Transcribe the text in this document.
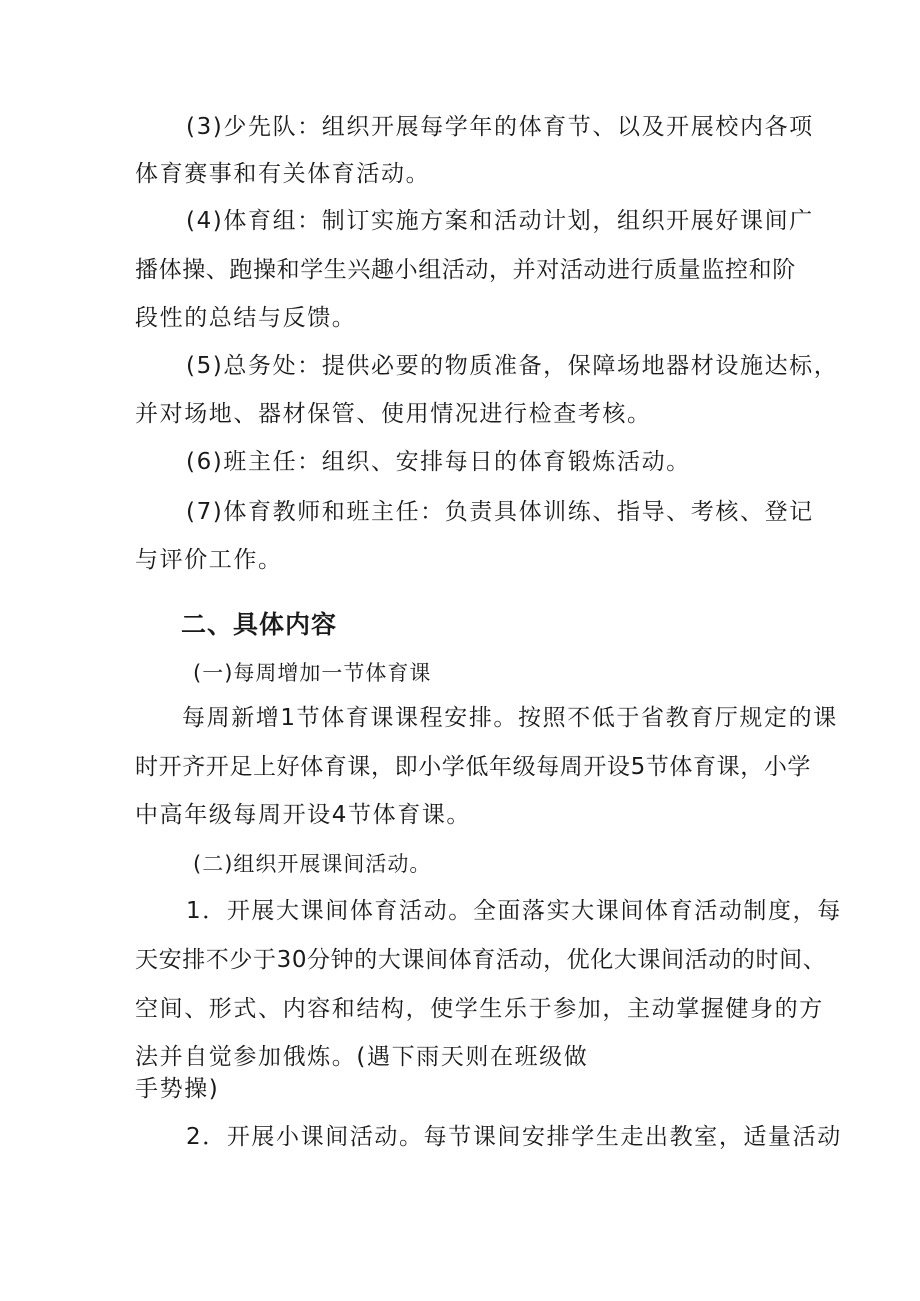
(3)少先队：组织开展每学年的体育节、以及开展校内各项
体育赛事和有关体育活动。
(4)体育组：制订实施方案和活动计划，组织开展好课间广
播体操、跑操和学生兴趣小组活动，并对活动进行质量监控和阶
段性的总结与反馈。
(5)总务处：提供必要的物质准备，保障场地器材设施达标，
并对场地、器材保管、使用情况进行检查考核。
(6)班主任：组织、安排每日的体育锻炼活动。
(7)体育教师和班主任：负责具体训练、指导、考核、登记
与评价工作。
二、具体内容
(一)每周增加一节体育课
每周新增1节体育课课程安排。按照不低于省教育厅规定的课
时开齐开足上好体育课，即小学低年级每周开设5节体育课，小学
中高年级每周开设4节体育课。
(二)组织开展课间活动。
1．开展大课间体育活动。全面落实大课间体育活动制度，每
天安排不少于30分钟的大课间体育活动，优化大课间活动的时间、
空间、形式、内容和结构，使学生乐于参加，主动掌握健身的方
法并自觉参加俄炼。(遇下雨天则在班级做
手势操)
2．开展小课间活动。每节课间安排学生走出教室，适量活动
